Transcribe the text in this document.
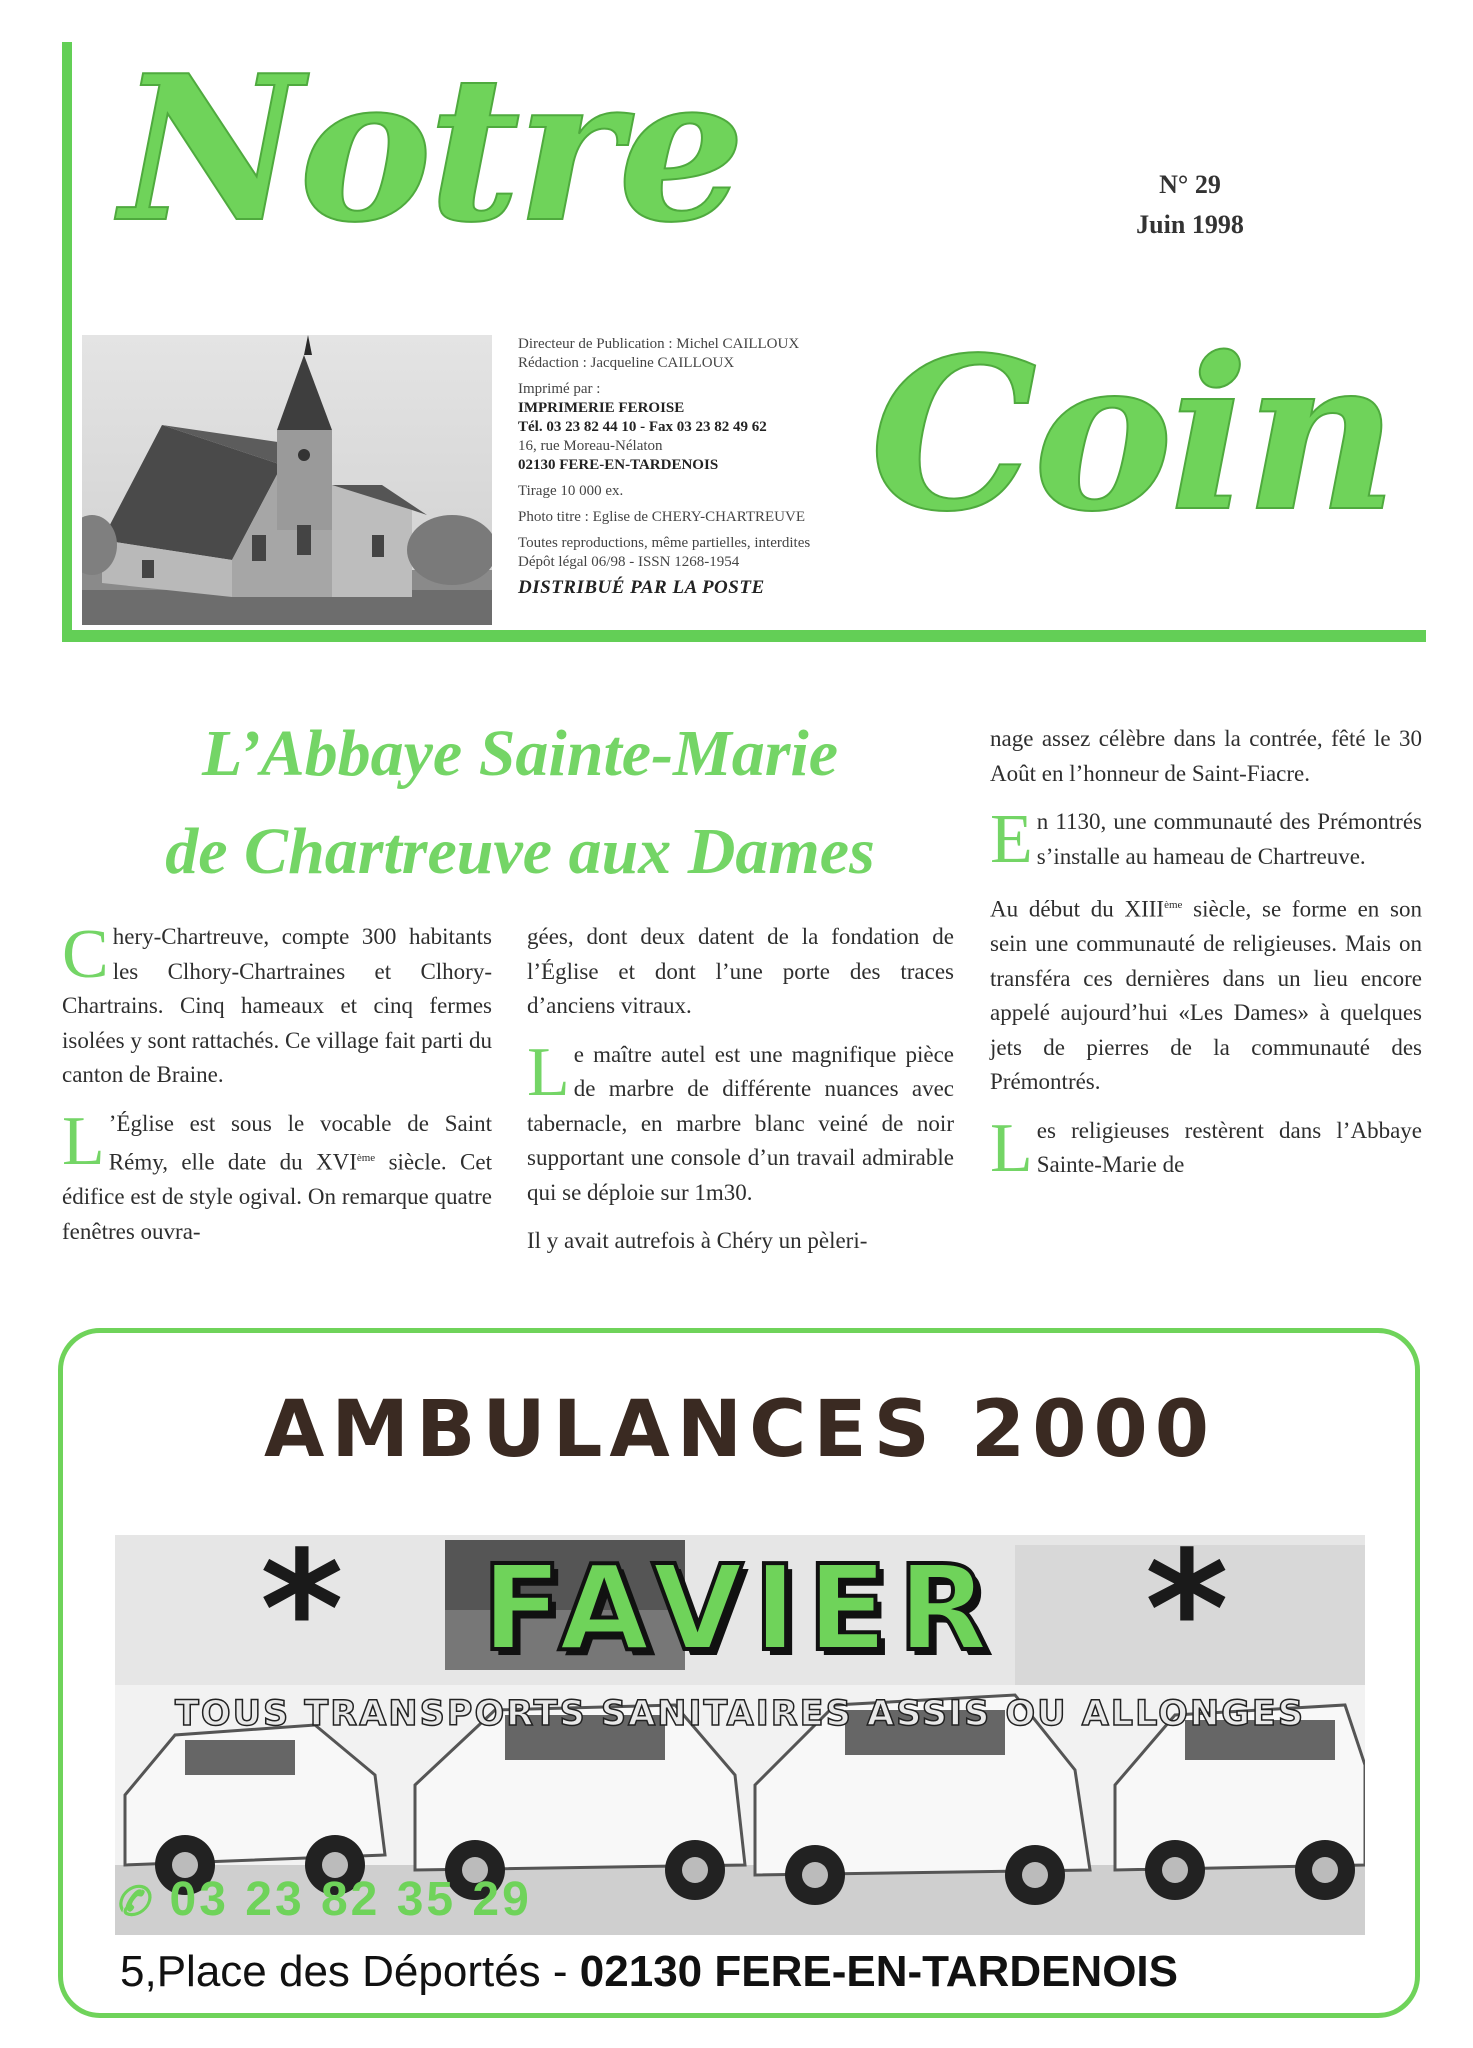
Notre
Coin
N° 29
Juin 1998
Directeur de Publication : Michel CAILLOUX
Rédaction : Jacqueline CAILLOUX
Imprimé par :
IMPRIMERIE FEROISE
Tél. 03 23 82 44 10 - Fax 03 23 82 49 62
16, rue Moreau-Nélaton
02130 FERE-EN-TARDENOIS
Tirage 10 000 ex.
Photo titre : Eglise de CHERY-CHARTREUVE
Toutes reproductions, même partielles, interdites
Dépôt légal 06/98 - ISSN 1268-1954
DISTRIBUÉ PAR LA POSTE
L’Abbaye Sainte-Marie
de Chartreuve aux Dames

Chery-Chartreuve, compte 300 habitants les Clhory-Chartraines et Clhory-Chartrains. Cinq hameaux et cinq fermes isolées y sont rattachés. Ce village fait parti du canton de Braine.

L ’Église est sous le vocable de Saint Rémy, elle date du XVIème siècle. Cet édifice est de style ogival. On remarque quatre fenêtres ouvra-

gées, dont deux datent de la fondation de l’Église et dont l’une porte des traces d’anciens vitraux.

Le maître autel est une magnifique pièce de marbre de différente nuances avec tabernacle, en marbre blanc veiné de noir supportant une console d’un travail admirable qui se déploie sur 1m30.

Il y avait autrefois à Chéry un pèleri-

nage assez célèbre dans la contrée, fêté le 30 Août en l’honneur de Saint-Fiacre.

En 1130, une communauté des Prémontrés s’installe au hameau de Chartreuve.

Au début du XIIIème siècle, se forme en son sein une communauté de religieuses. Mais on transféra ces dernières dans un lieu encore appelé aujourd’hui «Les Dames» à quelques jets de pierres de la communauté des Prémontrés.

Les religieuses restèrent dans l’Abbaye Sainte-Marie de

AMBULANCES 2000
*	FAVIER *
TOUS TRANSPORTS SANITAIRES ASSIS OU ALLONGES
✆ 03 23 82 35 29
5,Place des Déportés - 02130 FERE-EN-TARDENOIS
